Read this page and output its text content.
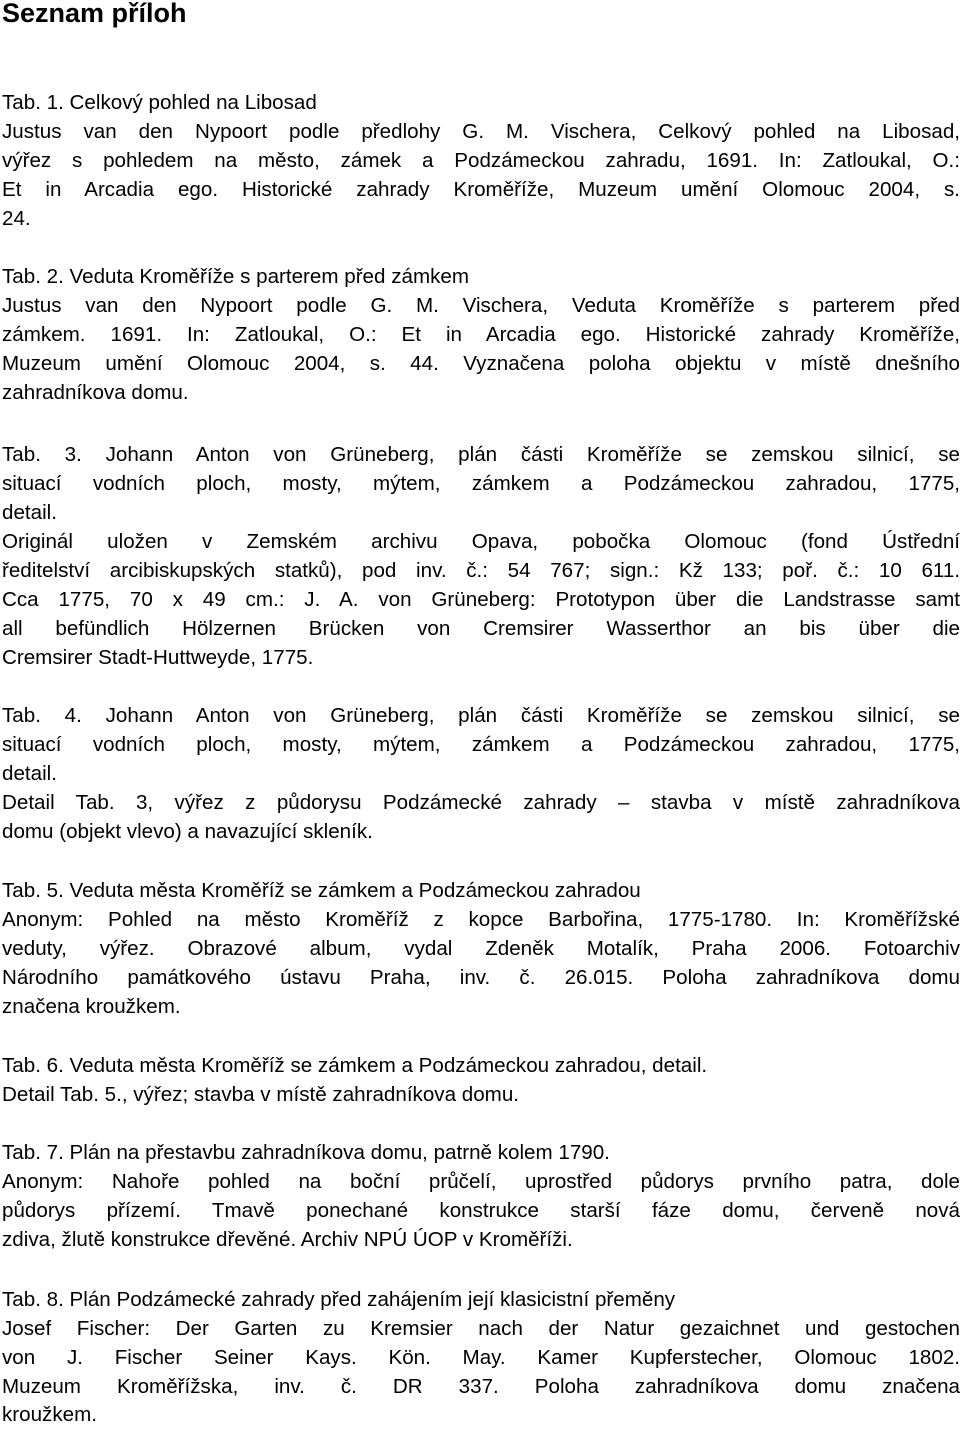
Seznam příloh
Tab. 1. Celkový pohled na Libosad
Justus van den Nypoort podle předlohy G. M. Vischera, Celkový pohled na Libosad,
výřez s pohledem na město, zámek a Podzámeckou zahradu, 1691. In: Zatloukal, O.:
Et in Arcadia ego. Historické zahrady Kroměříže, Muzeum umění Olomouc 2004, s.
24.
Tab. 2. Veduta Kroměříže s parterem před zámkem
Justus van den Nypoort podle G. M. Vischera, Veduta Kroměříže s parterem před
zámkem. 1691. In: Zatloukal, O.: Et in Arcadia ego. Historické zahrady Kroměříže,
Muzeum umění Olomouc 2004, s. 44. Vyznačena poloha objektu v místě dnešního
zahradníkova domu.
Tab. 3. Johann Anton von Grüneberg, plán části Kroměříže se zemskou silnicí, se
situací vodních ploch, mosty, mýtem, zámkem a Podzámeckou zahradou, 1775,
detail.
Originál uložen v Zemském archivu Opava, pobočka Olomouc (fond Ústřední
ředitelství arcibiskupských statků), pod inv. č.: 54 767; sign.: Kž 133; poř. č.: 10 611.
Cca 1775, 70 x 49 cm.: J. A. von Grüneberg: Prototypon über die Landstrasse samt
all befündlich Hölzernen Brücken von Cremsirer Wasserthor an bis über die
Cremsirer Stadt-Huttweyde, 1775.
Tab. 4. Johann Anton von Grüneberg, plán části Kroměříže se zemskou silnicí, se
situací vodních ploch, mosty, mýtem, zámkem a Podzámeckou zahradou, 1775,
detail.
Detail Tab. 3, výřez z půdorysu Podzámecké zahrady – stavba v místě zahradníkova
domu (objekt vlevo) a navazující skleník.
Tab. 5. Veduta města Kroměříž se zámkem a Podzámeckou zahradou
Anonym: Pohled na město Kroměříž z kopce Barbořina, 1775-1780. In: Kroměřížské
veduty, výřez. Obrazové album, vydal Zdeněk Motalík, Praha 2006. Fotoarchiv
Národního památkového ústavu Praha, inv. č. 26.015. Poloha zahradníkova domu
značena kroužkem.
Tab. 6. Veduta města Kroměříž se zámkem a Podzámeckou zahradou, detail.
Detail Tab. 5., výřez; stavba v místě zahradníkova domu.
Tab. 7. Plán na přestavbu zahradníkova domu, patrně kolem 1790.
Anonym: Nahoře pohled na boční průčelí, uprostřed půdorys prvního patra, dole
půdorys přízemí. Tmavě ponechané konstrukce starší fáze domu, červeně nová
zdiva, žlutě konstrukce dřevěné. Archiv NPÚ ÚOP v Kroměříži.
Tab. 8. Plán Podzámecké zahrady před zahájením její klasicistní přeměny
Josef Fischer: Der Garten zu Kremsier nach der Natur gezaichnet und gestochen
von J. Fischer Seiner Kays. Kön. May. Kamer Kupferstecher, Olomouc 1802.
Muzeum Kroměřížska, inv. č. DR 337. Poloha zahradníkova domu značena
kroužkem.
